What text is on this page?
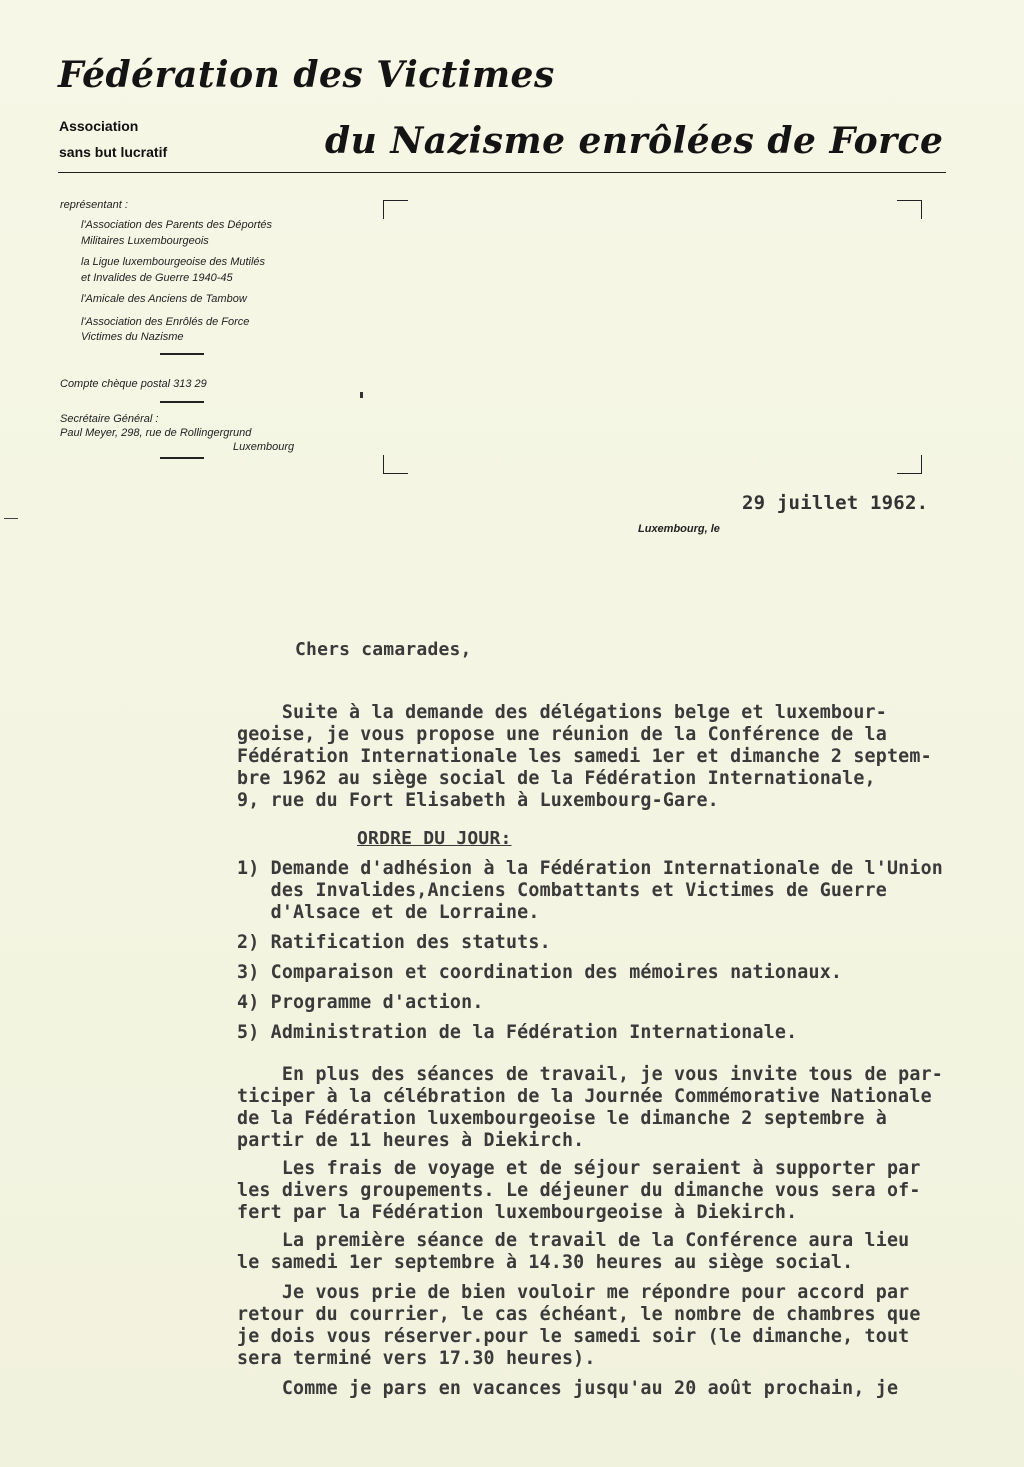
Fédération des Victimes
Association
sans but lucratif	du Nazisme enrôlées de Force
représentant :
l'Association des Parents des Déportés
Militaires Luxembourgeois
la Ligue luxembourgeoise des Mutilés
et Invalides de Guerre 1940-45
l'Amicale des Anciens de Tambow
l'Association des Enrôlés de Force
Victimes du Nazisme
Compte chèque postal 313 29
Secrétaire Général :
Paul Meyer, 298, rue de Rollingergrund
Luxembourg
29 juillet 1962.
Luxembourg, le
Chers camarades,
Suite à la demande des délégations belge et luxembour-
geoise, je vous propose une réunion de la Conférence de la
Fédération Internationale les samedi 1er et dimanche 2 septem-
bre 1962 au siège social de la Fédération Internationale,
9, rue du Fort Elisabeth à Luxembourg-Gare.
ORDRE DU JOUR:
1) Demande d'adhésion à la Fédération Internationale de l'Union
des Invalides,Anciens Combattants et Victimes de Guerre
d'Alsace et de Lorraine.
2) Ratification des statuts.
3) Comparaison et coordination des mémoires nationaux.
4) Programme d'action.
5) Administration de la Fédération Internationale.
En plus des séances de travail, je vous invite tous de par-
ticiper à la célébration de la Journée Commémorative Nationale
de la Fédération luxembourgeoise le dimanche 2 septembre à
partir de 11 heures à Diekirch.
Les frais de voyage et de séjour seraient à supporter par
les divers groupements. Le déjeuner du dimanche vous sera of-
fert par la Fédération luxembourgeoise à Diekirch.
La première séance de travail de la Conférence aura lieu
le samedi 1er septembre à 14.30 heures au siège social.
Je vous prie de bien vouloir me répondre pour accord par
retour du courrier, le cas échéant, le nombre de chambres que
je dois vous réserver.pour le samedi soir (le dimanche, tout
sera terminé vers 17.30 heures).
Comme je pars en vacances jusqu'au 20 août prochain, je
